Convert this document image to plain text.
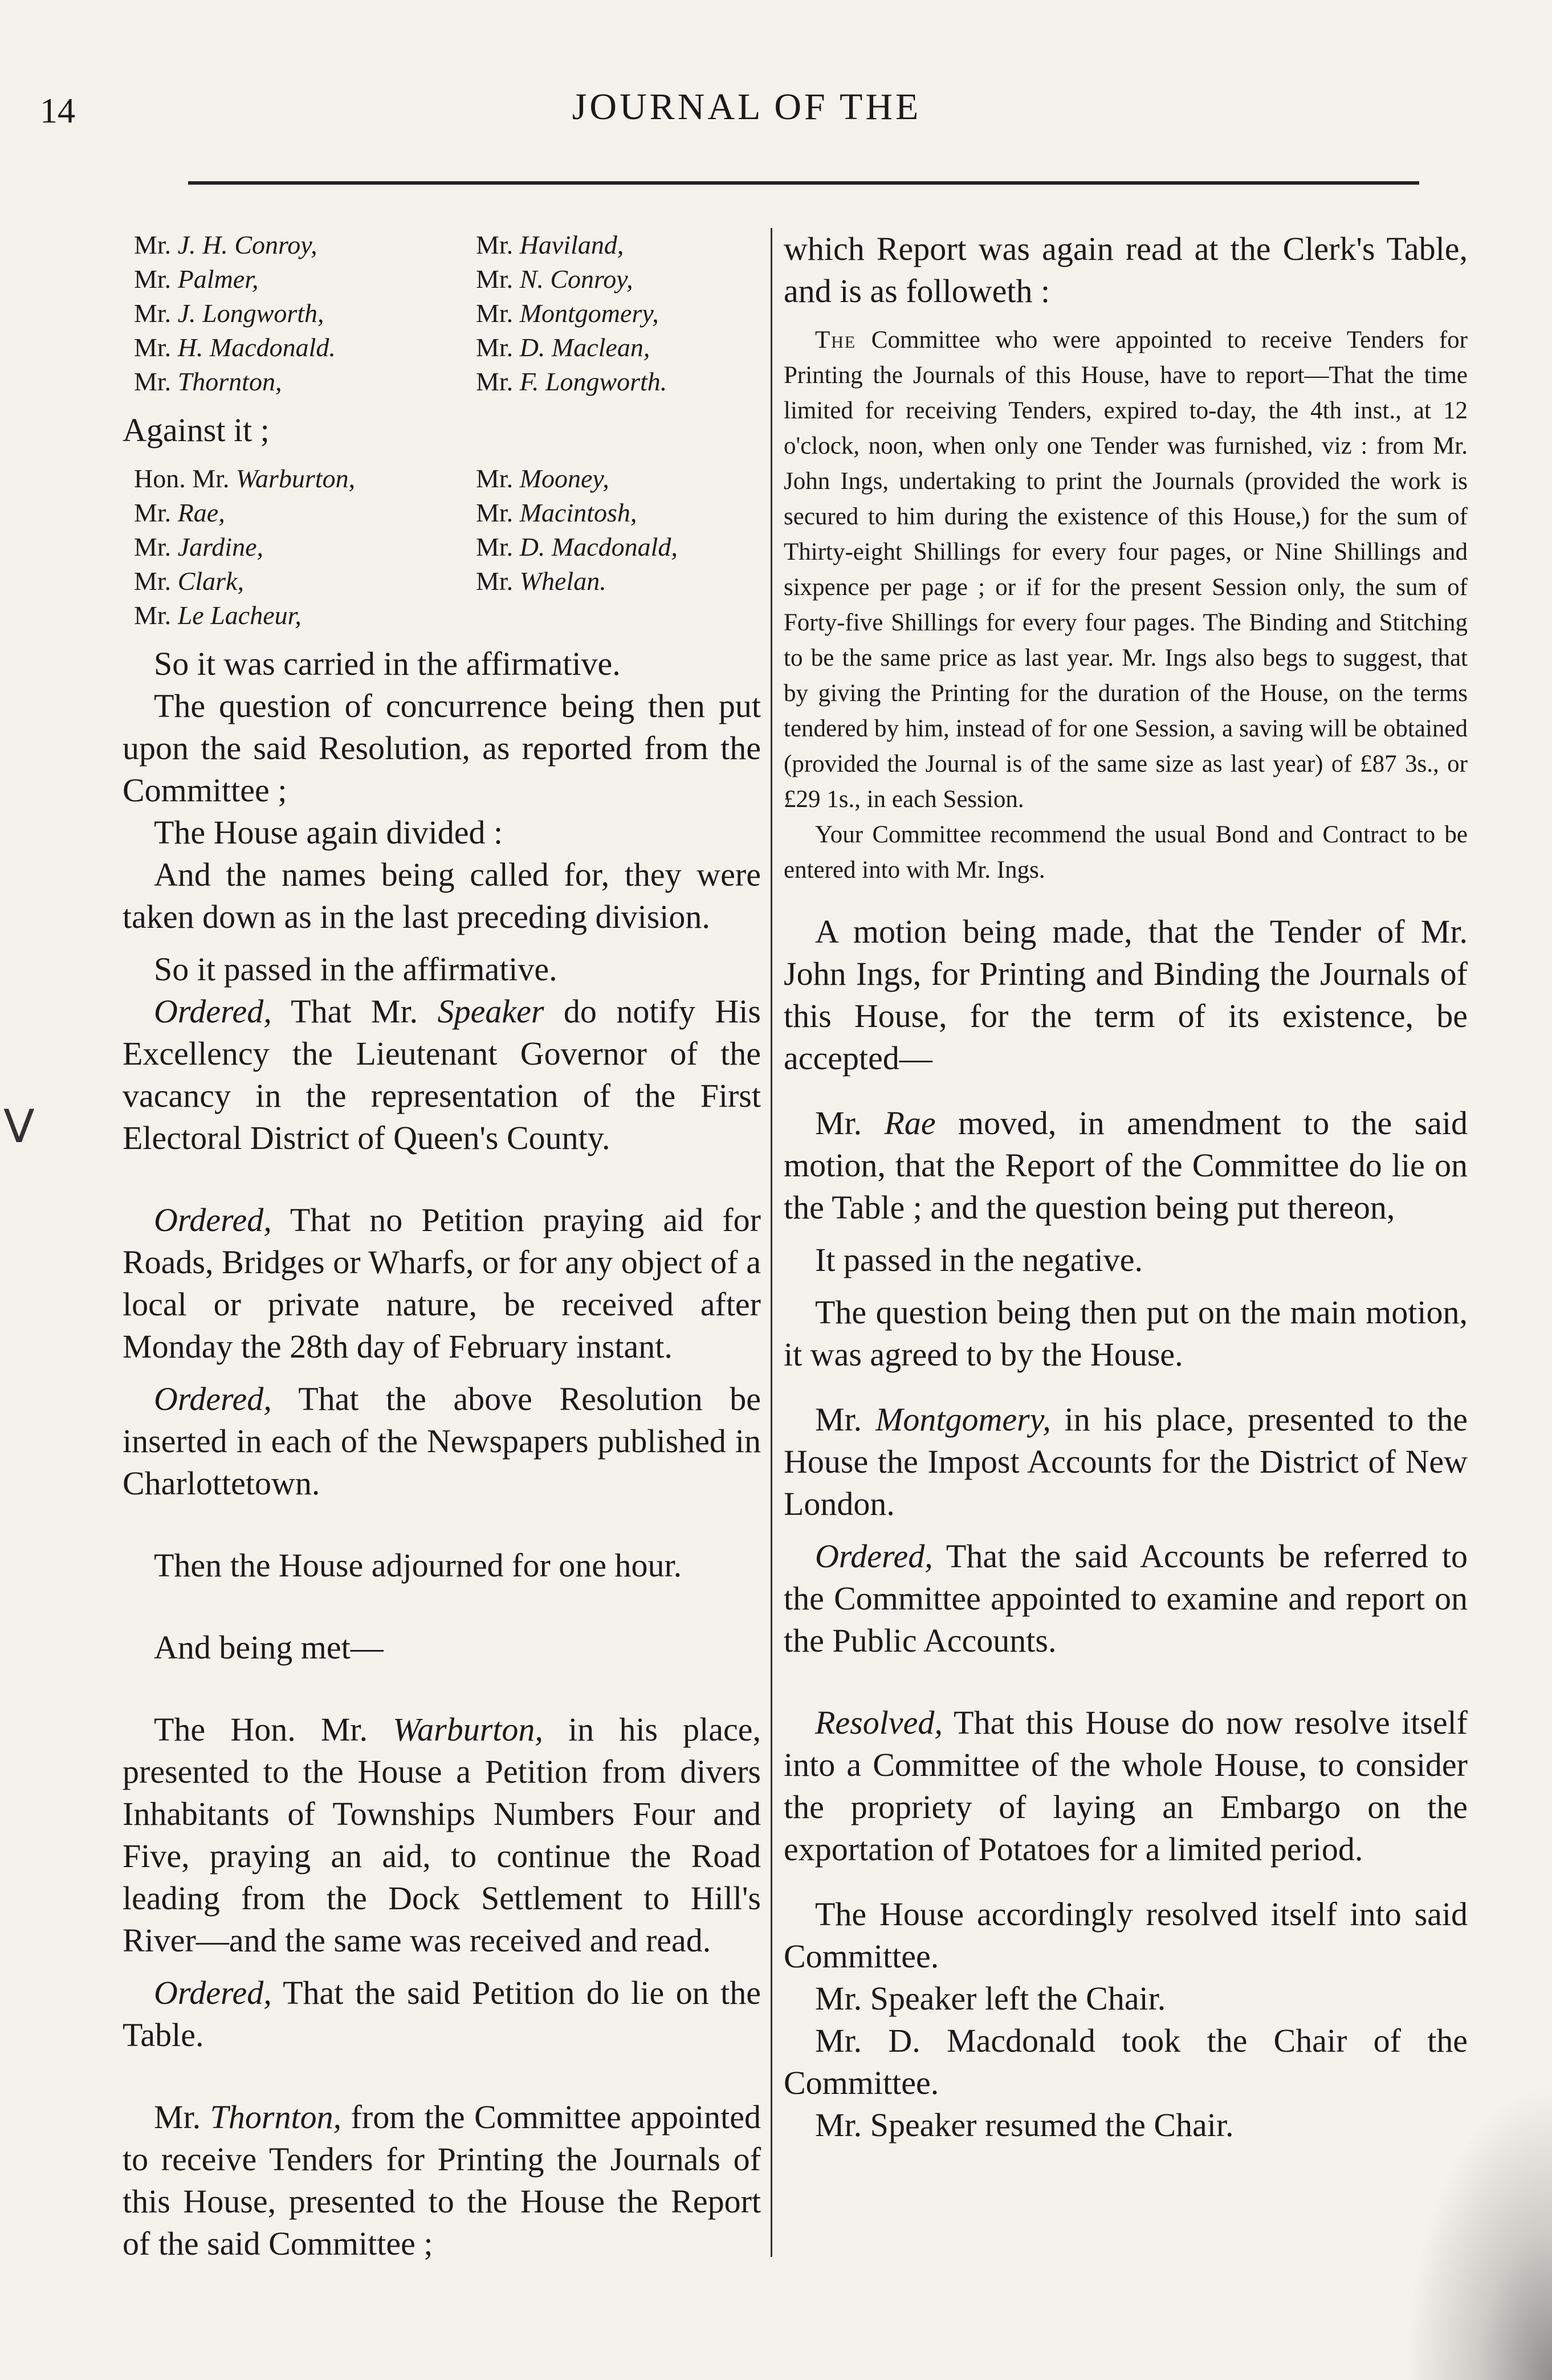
14	JOURNAL OF THE
V
Mr. J. H. Conroy,	Mr. Haviland,
Mr. Palmer,	Mr. N. Conroy,
Mr. J. Longworth,	Mr. Montgomery,
Mr. H. Macdonald.	Mr. D. Maclean,
Mr. Thornton,	Mr. F. Longworth.

Against it ;

Hon. Mr. Warburton,	Mr. Mooney,
Mr. Rae,	Mr. Macintosh,
Mr. Jardine,	Mr. D. Macdonald,
Mr. Clark,	Mr. Whelan.
Mr. Le Lacheur,

So it was carried in the affirmative.

The question of concurrence being then put upon the said Resolution, as reported from the Committee ;

The House again divided :

And the names being called for, they were taken down as in the last preceding division.

So it passed in the affirmative.

Ordered, That Mr. Speaker do notify His Excellency the Lieutenant Governor of the vacancy in the representation of the First Electoral District of Queen's County.

Ordered, That no Petition praying aid for Roads, Bridges or Wharfs, or for any object of a local or private nature, be received after Monday the 28th day of February instant.

Ordered, That the above Resolution be inserted in each of the Newspapers published in Charlottetown.

Then the House adjourned for one hour.

And being met—

The Hon. Mr. Warburton, in his place, presented to the House a Petition from divers Inhabitants of Townships Numbers Four and Five, praying an aid, to continue the Road leading from the Dock Settlement to Hill's River—and the same was received and read.

Ordered, That the said Petition do lie on the Table.

Mr. Thornton, from the Committee appointed to receive Tenders for Printing the Journals of this House, presented to the House the Report of the said Committee ;

which Report was again read at the Clerk's Table, and is as followeth :

The Committee who were appointed to receive Tenders for Printing the Journals of this House, have to report—That the time limited for receiving Tenders, expired to-day, the 4th inst., at 12 o'clock, noon, when only one Tender was furnished, viz : from Mr. John Ings, undertaking to print the Journals (provided the work is secured to him during the existence of this House,) for the sum of Thirty-eight Shillings for every four pages, or Nine Shillings and sixpence per page ; or if for the present Session only, the sum of Forty-five Shillings for every four pages. The Binding and Stitching to be the same price as last year. Mr. Ings also begs to suggest, that by giving the Printing for the duration of the House, on the terms tendered by him, instead of for one Session, a saving will be obtained (provided the Journal is of the same size as last year) of £87 3s., or £29 1s., in each Session.

Your Committee recommend the usual Bond and Contract to be entered into with Mr. Ings.

A motion being made, that the Tender of Mr. John Ings, for Printing and Binding the Journals of this House, for the term of its existence, be accepted—

Mr. Rae moved, in amendment to the said motion, that the Report of the Committee do lie on the Table ; and the question being put thereon,

It passed in the negative.

The question being then put on the main motion, it was agreed to by the House.

Mr. Montgomery, in his place, presented to the House the Impost Accounts for the District of New London.

Ordered, That the said Accounts be referred to the Committee appointed to examine and report on the Public Accounts.

Resolved, That this House do now resolve itself into a Committee of the whole House, to consider the propriety of laying an Embargo on the exportation of Potatoes for a limited period.

The House accordingly resolved itself into said Committee.

Mr. Speaker left the Chair.

Mr. D. Macdonald took the Chair of the Committee.

Mr. Speaker resumed the Chair.
